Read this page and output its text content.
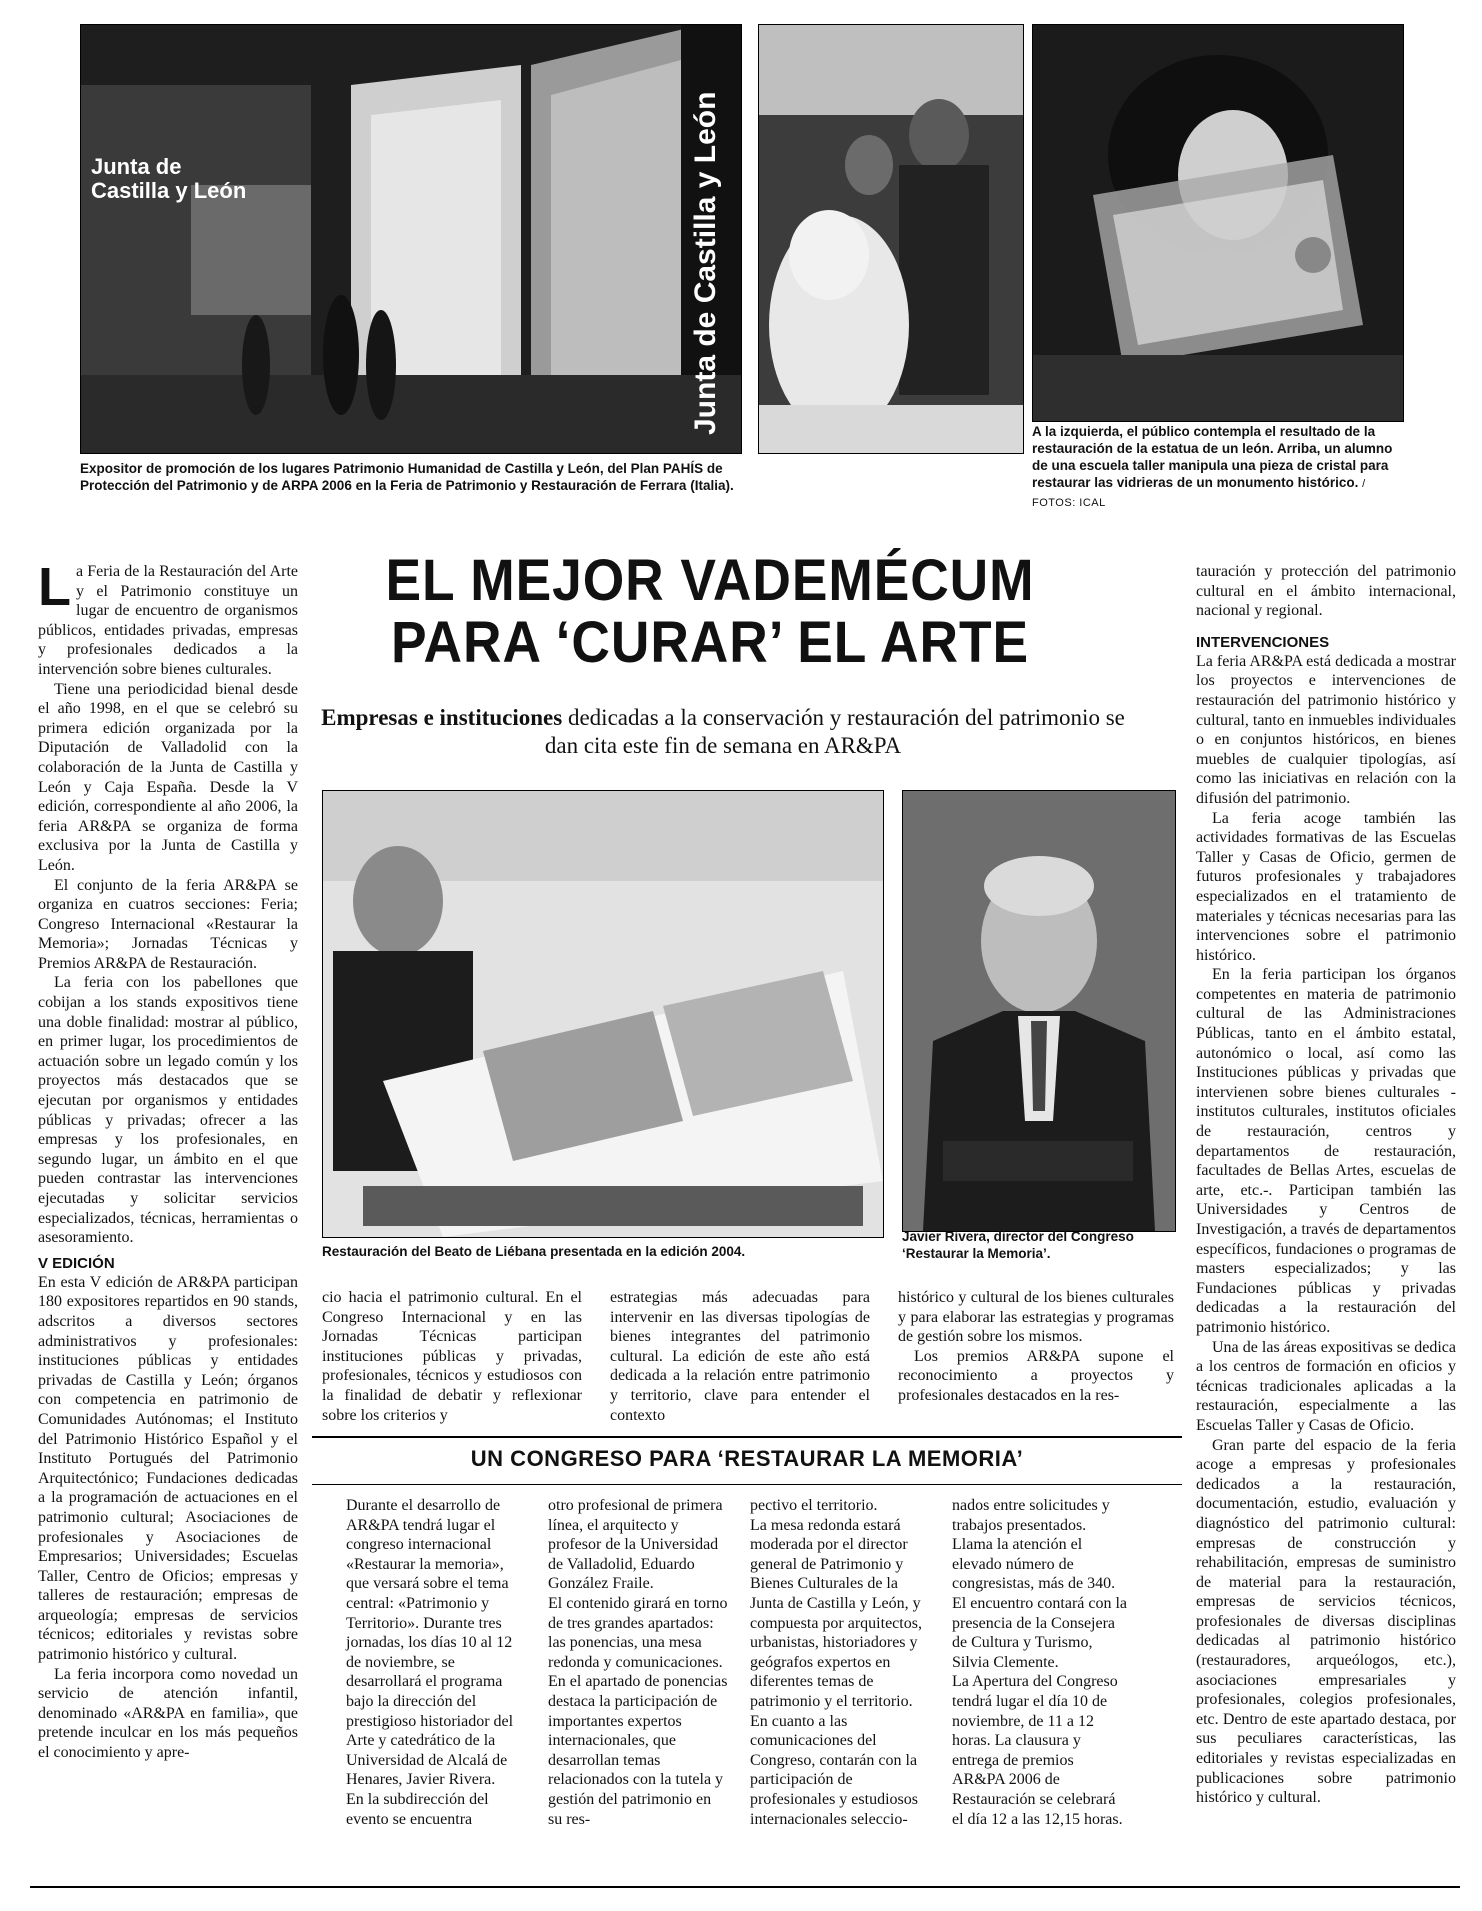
Junta de Castilla y León
Junta de
Castilla y León
Expositor de promoción de los lugares Patrimonio Humanidad de Castilla y León, del Plan PAHÍS de Protección del Patrimonio y de ARPA 2006 en la Feria de Patrimonio y Restauración de Ferrara (Italia).
A la izquierda, el público contempla el resultado de la restauración de la estatua de un león. Arriba, un alumno de una escuela taller manipula una pieza de cristal para restaurar las vidrieras de un monumento histórico. / FOTOS: ICAL
EL MEJOR VADEMÉCUM
PARA ‘CURAR’ EL ARTE
Empresas e instituciones dedicadas a la conservación y restauración del patrimonio se dan cita este fin de semana en AR&PA

La Feria de la Restauración del Arte y el Patrimonio constituye un lugar de encuentro de organismos públicos, entidades privadas, empresas y profesionales dedicados a la intervención sobre bienes culturales.

Tiene una periodicidad bienal desde el año 1998, en el que se celebró su primera edición organizada por la Diputación de Valladolid con la colaboración de la Junta de Castilla y León y Caja España. Desde la V edición, correspondiente al año 2006, la feria AR&PA se organiza de forma exclusiva por la Junta de Castilla y León.

El conjunto de la feria AR&PA se organiza en cuatros secciones: Feria; Congreso Internacional «Restaurar la Memoria»; Jornadas Técnicas y Premios AR&PA de Restauración.

La feria con los pabellones que cobijan a los stands expositivos tiene una doble finalidad: mostrar al público, en primer lugar, los procedimientos de actuación sobre un legado común y los proyectos más destacados que se ejecutan por organismos y entidades públicas y privadas; ofrecer a las empresas y los profesionales, en segundo lugar, un ámbito en el que pueden contrastar las intervenciones ejecutadas y solicitar servicios especializados, técnicas, herramientas o asesoramiento.

V EDICIÓN

En esta V edición de AR&PA participan 180 expositores repartidos en 90 stands, adscritos a diversos sectores administrativos y profesionales: instituciones públicas y entidades privadas de Castilla y León; órganos con competencia en patrimonio de Comunidades Autónomas; el Instituto del Patrimonio Histórico Español y el Instituto Portugués del Patrimonio Arquitectónico; Fundaciones dedicadas a la programación de actuaciones en el patrimonio cultural; Asociaciones de profesionales y Asociaciones de Empresarios; Universidades; Escuelas Taller, Centro de Oficios; empresas y talleres de restauración; empresas de arqueología; empresas de servicios técnicos; editoriales y revistas sobre patrimonio histórico y cultural.

La feria incorpora como novedad un servicio de atención infantil, denominado «AR&PA en familia», que pretende inculcar en los más pequeños el conocimiento y apre-

Restauración del Beato de Liébana presentada en la edición 2004.
Javier Rivera, director del Congreso ‘Restaurar la Memoria’.

cio hacia el patrimonio cultural. En el Congreso Internacional y en las Jornadas Técnicas participan instituciones públicas y privadas, profesionales, técnicos y estudiosos con la finalidad de debatir y reflexionar sobre los criterios y

estrategias más adecuadas para intervenir en las diversas tipologías de bienes integrantes del patrimonio cultural. La edición de este año está dedicada a la relación entre patrimonio y territorio, clave para entender el contexto

histórico y cultural de los bienes culturales y para elaborar las estrategias y programas de gestión sobre los mismos.

Los premios AR&PA supone el reconocimiento a proyectos y profesionales destacados en la res-

UN CONGRESO PARA ‘RESTAURAR LA MEMORIA’

Durante el desarrollo de AR&PA tendrá lugar el congreso internacional «Restaurar la memoria», que versará sobre el tema central: «Patrimonio y Territorio». Durante tres jornadas, los días 10 al 12 de noviembre, se desarrollará el programa bajo la dirección del prestigioso historiador del Arte y catedrático de la Universidad de Alcalá de Henares, Javier Rivera.

En la subdirección del evento se encuentra

otro profesional de primera línea, el arquitecto y profesor de la Universidad de Valladolid, Eduardo González Fraile.

El contenido girará en torno de tres grandes apartados: las ponencias, una mesa redonda y comunicaciones.

En el apartado de ponencias destaca la participación de importantes expertos internacionales, que desarrollan temas relacionados con la tutela y gestión del patrimonio en su res-

pectivo el territorio.

La mesa redonda estará moderada por el director general de Patrimonio y Bienes Culturales de la Junta de Castilla y León, y compuesta por arquitectos, urbanistas, historiadores y geógrafos expertos en diferentes temas de patrimonio y el territorio.

En cuanto a las comunicaciones del Congreso, contarán con la participación de profesionales y estudiosos internacionales seleccio-

nados entre solicitudes y trabajos presentados.

Llama la atención el elevado número de congresistas, más de 340. El encuentro contará con la presencia de la Consejera de Cultura y Turismo, Silvia Clemente.

La Apertura del Congreso tendrá lugar el día 10 de noviembre, de 11 a 12 horas. La clausura y entrega de premios AR&PA 2006 de Restauración se celebrará el día 12 a las 12,15 horas.

tauración y protección del patrimonio cultural en el ámbito internacional, nacional y regional.

INTERVENCIONES

La feria AR&PA está dedicada a mostrar los proyectos e intervenciones de restauración del patrimonio histórico y cultural, tanto en inmuebles individuales o en conjuntos históricos, en bienes muebles de cualquier tipologías, así como las iniciativas en relación con la difusión del patrimonio.

La feria acoge también las actividades formativas de las Escuelas Taller y Casas de Oficio, germen de futuros profesionales y trabajadores especializados en el tratamiento de materiales y técnicas necesarias para las intervenciones sobre el patrimonio histórico.

En la feria participan los órganos competentes en materia de patrimonio cultural de las Administraciones Públicas, tanto en el ámbito estatal, autonómico o local, así como las Instituciones públicas y privadas que intervienen sobre bienes culturales - institutos culturales, institutos oficiales de restauración, centros y departamentos de restauración, facultades de Bellas Artes, escuelas de arte, etc.-. Participan también las Universidades y Centros de Investigación, a través de departamentos específicos, fundaciones o programas de masters especializados; y las Fundaciones públicas y privadas dedicadas a la restauración del patrimonio histórico.

Una de las áreas expositivas se dedica a los centros de formación en oficios y técnicas tradicionales aplicadas a la restauración, especialmente a las Escuelas Taller y Casas de Oficio.

Gran parte del espacio de la feria acoge a empresas y profesionales dedicados a la restauración, documentación, estudio, evaluación y diagnóstico del patrimonio cultural: empresas de construcción y rehabilitación, empresas de suministro de material para la restauración, empresas de servicios técnicos, profesionales de diversas disciplinas dedicadas al patrimonio histórico (restauradores, arqueólogos, etc.), asociaciones empresariales y profesionales, colegios profesionales, etc. Dentro de este apartado destaca, por sus peculiares características, las editoriales y revistas especializadas en publicaciones sobre patrimonio histórico y cultural.
